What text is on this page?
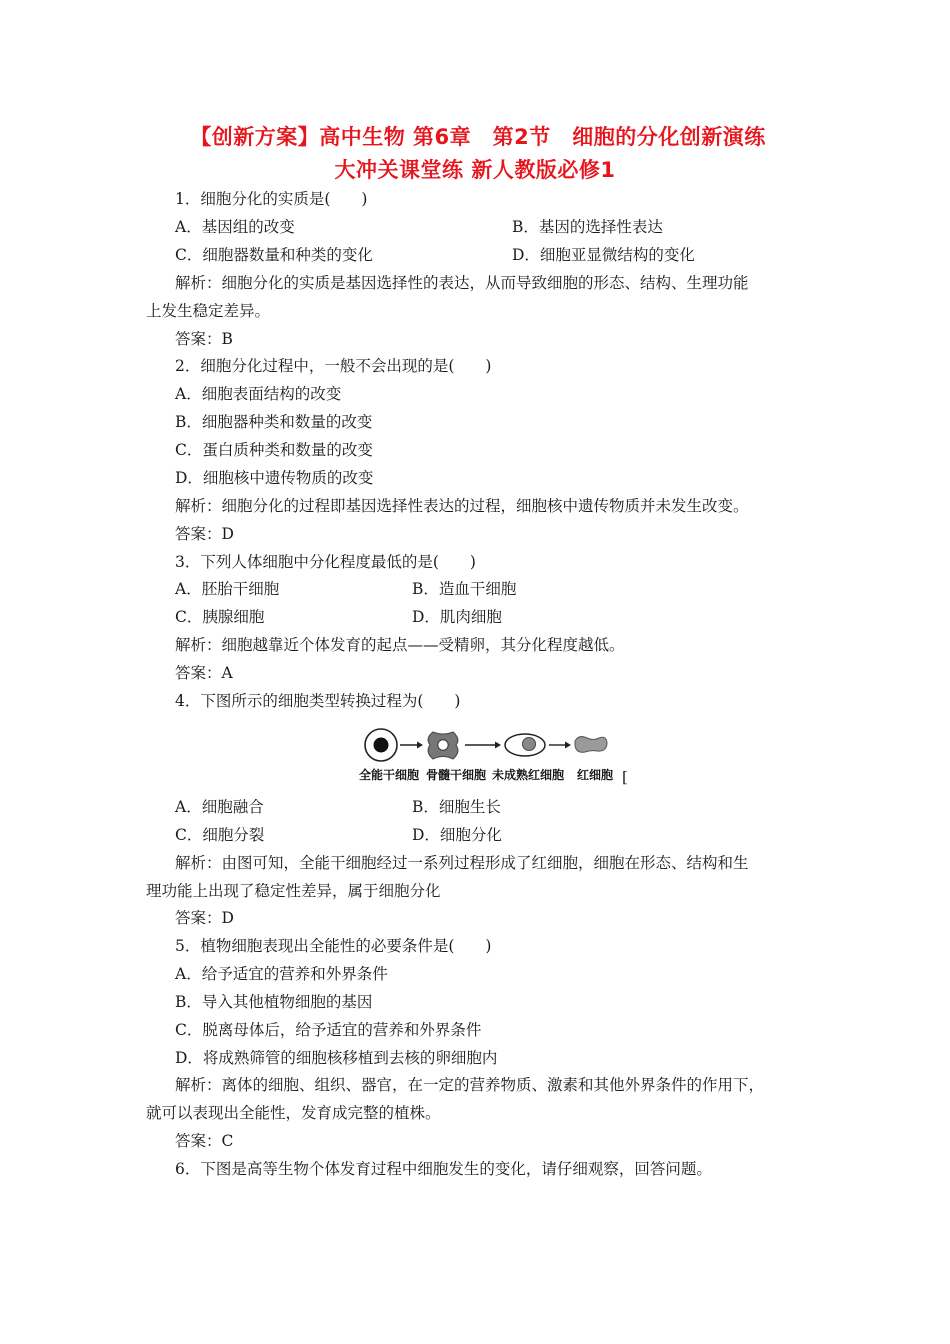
【创新方案】高中生物 第6章　第2节　细胞的分化创新演练
大冲关课堂练 新人教版必修1
1．细胞分化的实质是(　　)
A．基因组的改变	B．基因的选择性表达
C．细胞器数量和种类的变化	D．细胞亚显微结构的变化
解析：细胞分化的实质是基因选择性的表达，从而导致细胞的形态、结构、生理功能
上发生稳定差异。
答案：B
2．细胞分化过程中，一般不会出现的是(　　)
A．细胞表面结构的改变
B．细胞器种类和数量的改变
C．蛋白质种类和数量的改变
D．细胞核中遗传物质的改变
解析：细胞分化的过程即基因选择性表达的过程，细胞核中遗传物质并未发生改变。
答案：D
3．下列人体细胞中分化程度最低的是(　　)
A．胚胎干细胞	B．造血干细胞
C．胰腺细胞	D．肌肉细胞
解析：细胞越靠近个体发育的起点——受精卵，其分化程度越低。
答案：A
4．下图所示的细胞类型转换过程为(　　)
全能干细胞 骨髓干细胞 未成熟红细胞 红细胞 [
A．细胞融合	B．细胞生长
C．细胞分裂	D．细胞分化
解析：由图可知，全能干细胞经过一系列过程形成了红细胞，细胞在形态、结构和生
理功能上出现了稳定性差异，属于细胞分化
答案：D
5．植物细胞表现出全能性的必要条件是(　　)
A．给予适宜的营养和外界条件
B．导入其他植物细胞的基因
C．脱离母体后，给予适宜的营养和外界条件
D．将成熟筛管的细胞核移植到去核的卵细胞内
解析：离体的细胞、组织、器官，在一定的营养物质、激素和其他外界条件的作用下，
就可以表现出全能性，发育成完整的植株。
答案：C
6．下图是高等生物个体发育过程中细胞发生的变化，请仔细观察，回答问题。
